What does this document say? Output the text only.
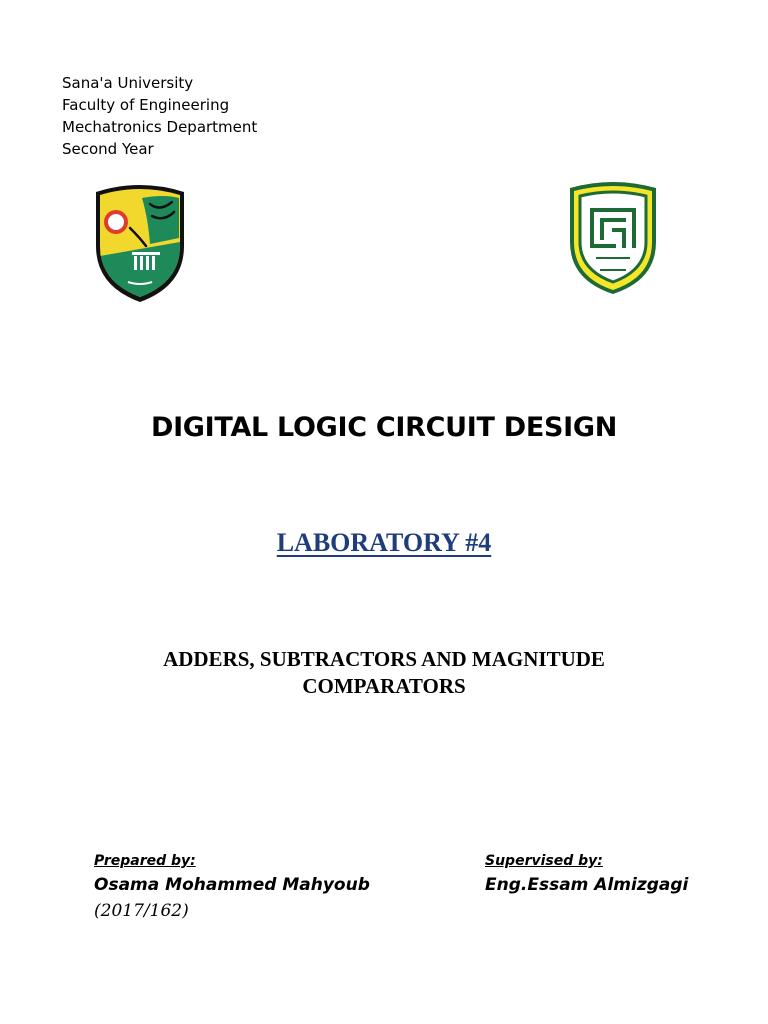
Sana'a University
Faculty of Engineering
Mechatronics Department
Second Year
DIGITAL LOGIC CIRCUIT DESIGN
LABORATORY #4
ADDERS, SUBTRACTORS AND MAGNITUDE
COMPARATORS
Prepared by:
Osama Mohammed Mahyoub
(2017/162)
Supervised by:
Eng.Essam Almizgagi
